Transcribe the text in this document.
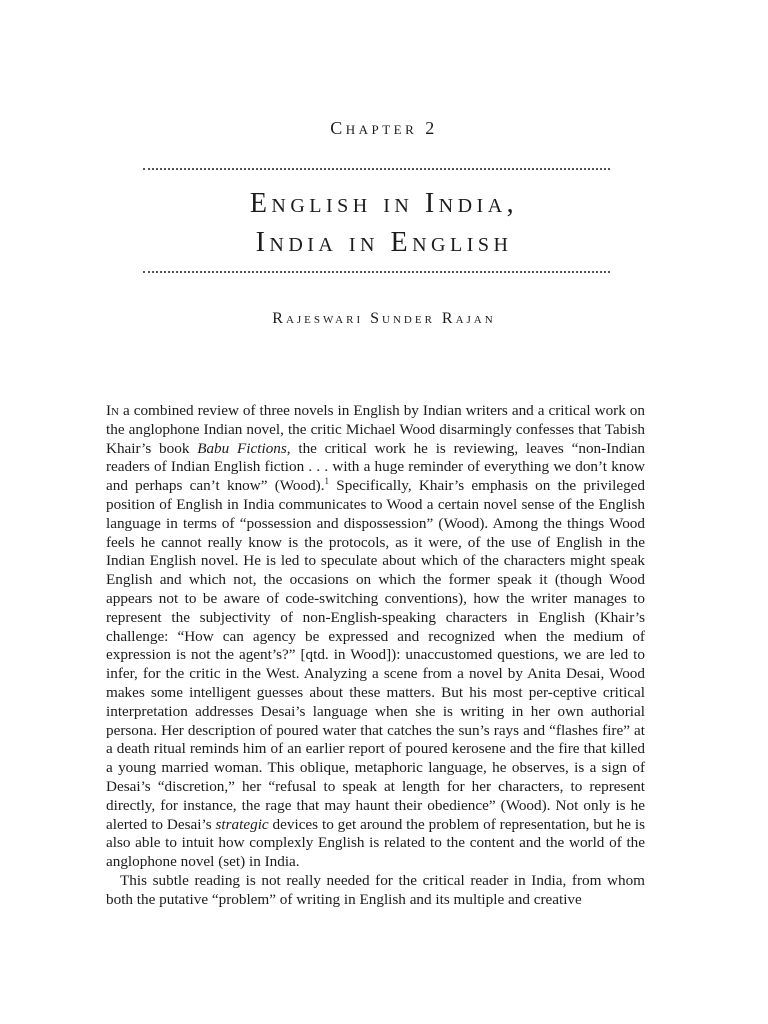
Chapter 2
English in India,
India in English
Rajeswari Sunder Rajan

In a combined review of three novels in English by Indian writers and a critical work on the anglophone Indian novel, the critic Michael Wood disarmingly confesses that Tabish Khair’s book Babu Fictions, the critical work he is reviewing, leaves “non-Indian readers of Indian English fiction . . . with a huge reminder of everything we don’t know and perhaps can’t know” (Wood).$^1$ Specifically, Khair’s emphasis on the privileged position of English in India communicates to Wood a certain novel sense of the English language in terms of “possession and dispossession” (Wood). Among the things Wood feels he cannot really know is the protocols, as it were, of the use of English in the Indian English novel. He is led to speculate about which of the characters might speak English and which not, the occasions on which the former speak it (though Wood appears not to be aware of code-switching conventions), how the writer manages to represent the subjectivity of non-English-speaking characters in English (Khair’s challenge: “How can agency be expressed and recognized when the medium of expression is not the agent’s?” [qtd. in Wood]): unaccustomed questions, we are led to infer, for the critic in the West. Analyzing a scene from a novel by Anita Desai, Wood makes some intelligent guesses about these matters. But his most per-ceptive critical interpretation addresses Desai’s language when she is writing in her own authorial persona. Her description of poured water that catches the sun’s rays and “flashes fire” at a death ritual reminds him of an earlier report of poured kerosene and the fire that killed a young married woman. This oblique, metaphoric language, he observes, is a sign of Desai’s “discretion,” her “refusal to speak at length for her characters, to represent directly, for instance, the rage that may haunt their obedience” (Wood). Not only is he alerted to Desai’s strategic devices to get around the problem of representation, but he is also able to intuit how complexly English is related to the content and the world of the anglophone novel (set) in India.

This subtle reading is not really needed for the critical reader in India, from whom both the putative “problem” of writing in English and its multiple and creative
